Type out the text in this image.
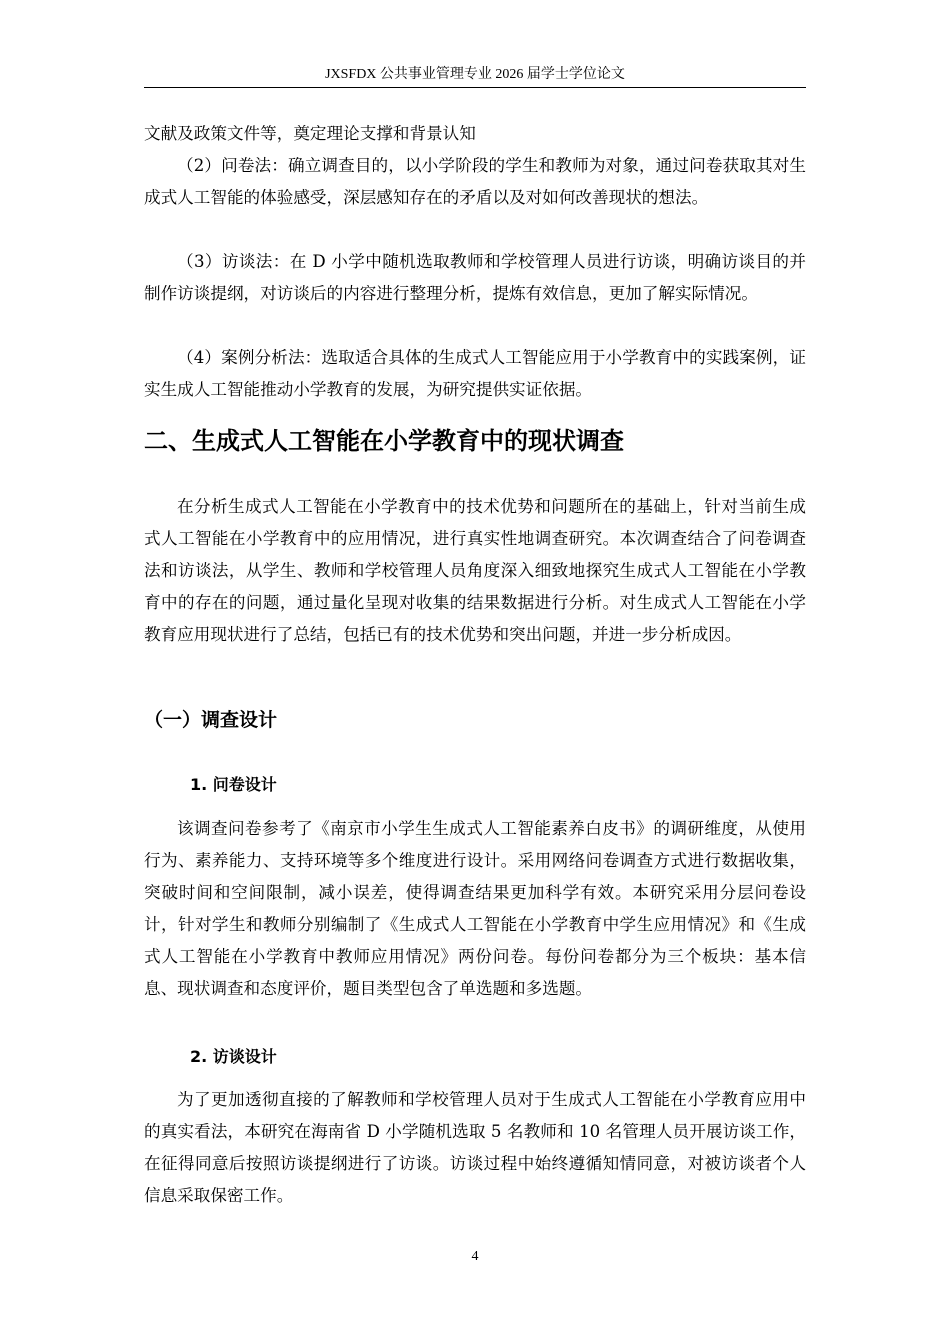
JXSFDX 公共事业管理专业 2026 届学士学位论文

文献及政策文件等，奠定理论支撑和背景认知

（2）问卷法：确立调查目的，以小学阶段的学生和教师为对象，通过问卷获取其对生成式人工智能的体验感受，深层感知存在的矛盾以及对如何改善现状的想法。

（3）访谈法：在 D 小学中随机选取教师和学校管理人员进行访谈，明确访谈目的并制作访谈提纲，对访谈后的内容进行整理分析，提炼有效信息，更加了解实际情况。

（4）案例分析法：选取适合具体的生成式人工智能应用于小学教育中的实践案例，证实生成人工智能推动小学教育的发展，为研究提供实证依据。

二、生成式人工智能在小学教育中的现状调查

在分析生成式人工智能在小学教育中的技术优势和问题所在的基础上，针对当前生成式人工智能在小学教育中的应用情况，进行真实性地调查研究。本次调查结合了问卷调查法和访谈法，从学生、教师和学校管理人员角度深入细致地探究生成式人工智能在小学教育中的存在的问题，通过量化呈现对收集的结果数据进行分析。对生成式人工智能在小学教育应用现状进行了总结，包括已有的技术优势和突出问题，并进一步分析成因。

（一）调查设计
1. 问卷设计

该调查问卷参考了《南京市小学生生成式人工智能素养白皮书》的调研维度，从使用行为、素养能力、支持环境等多个维度进行设计。采用网络问卷调查方式进行数据收集，突破时间和空间限制，减小误差，使得调查结果更加科学有效。本研究采用分层问卷设计，针对学生和教师分别编制了《生成式人工智能在小学教育中学生应用情况》和《生成式人工智能在小学教育中教师应用情况》两份问卷。每份问卷都分为三个板块：基本信息、现状调查和态度评价，题目类型包含了单选题和多选题。

2. 访谈设计

为了更加透彻直接的了解教师和学校管理人员对于生成式人工智能在小学教育应用中的真实看法，本研究在海南省 D 小学随机选取 5 名教师和 10 名管理人员开展访谈工作，在征得同意后按照访谈提纲进行了访谈。访谈过程中始终遵循知情同意，对被访谈者个人信息采取保密工作。

4
